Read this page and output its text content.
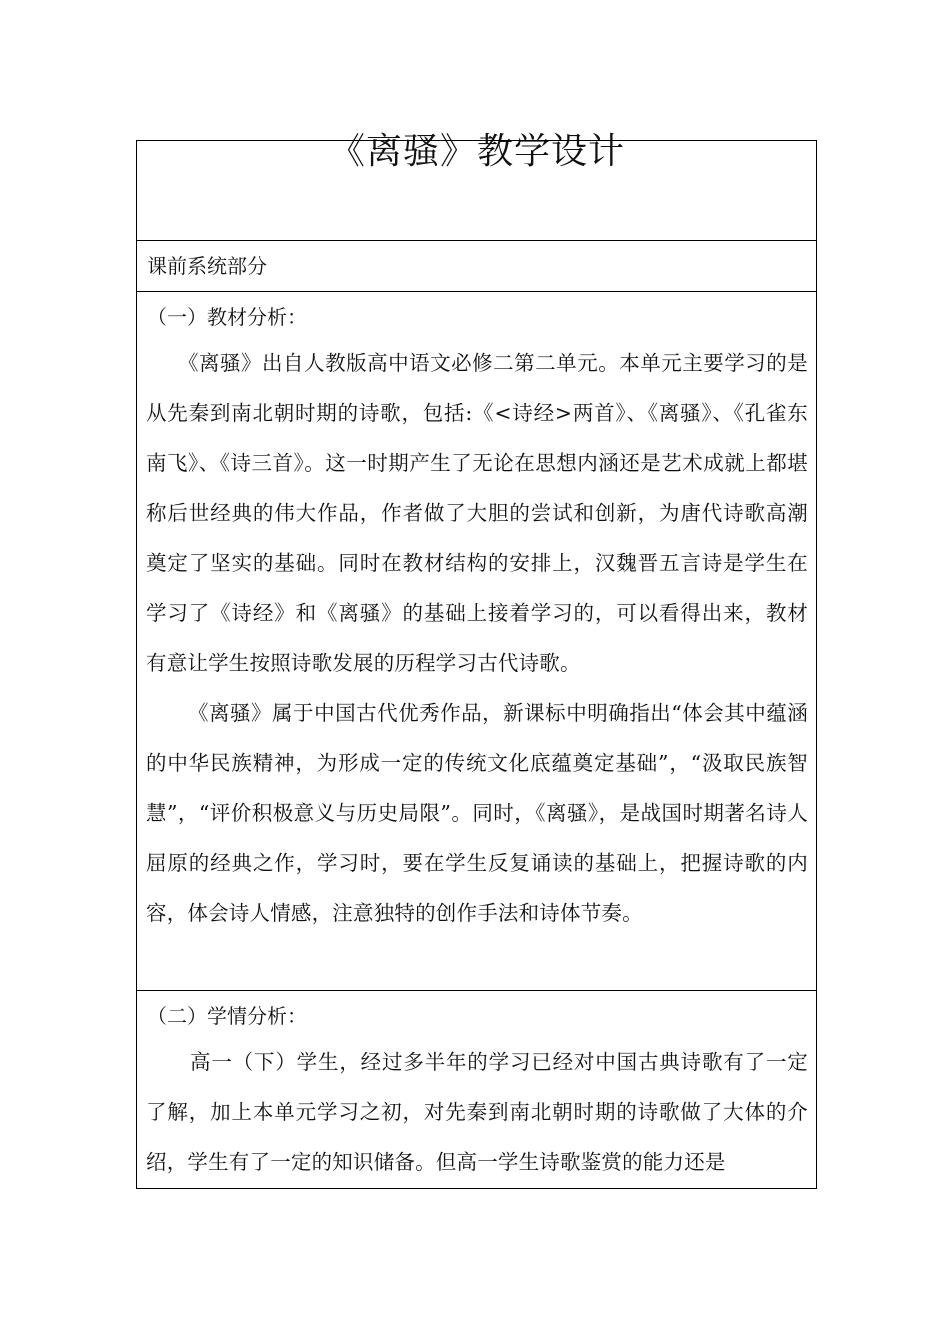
《离骚》教学设计
课前系统部分
（一）教材分析：

《离骚》出自人教版高中语文必修二第二单元。本单元主要学习的是从先秦到南北朝时期的诗歌，包括:《<诗经>两首》、《离骚》、《孔雀东南飞》、《诗三首》。这一时期产生了无论在思想内涵还是艺术成就上都堪称后世经典的伟大作品，作者做了大胆的尝试和创新，为唐代诗歌高潮奠定了坚实的基础。同时在教材结构的安排上，汉魏晋五言诗是学生在学习了《诗经》和《离骚》的基础上接着学习的，可以看得出来，教材有意让学生按照诗歌发展的历程学习古代诗歌。

《离骚》属于中国古代优秀作品，新课标中明确指出“体会其中蕴涵的中华民族精神，为形成一定的传统文化底蕴奠定基础”，“汲取民族智慧”，“评价积极意义与历史局限”。同时，《离骚》，是战国时期著名诗人屈原的经典之作，学习时，要在学生反复诵读的基础上，把握诗歌的内容，体会诗人情感，注意独特的创作手法和诗体节奏。

（二）学情分析：

高一（下）学生，经过多半年的学习已经对中国古典诗歌有了一定了解，加上本单元学习之初，对先秦到南北朝时期的诗歌做了大体的介绍，学生有了一定的知识储备。但高一学生诗歌鉴赏的能力还是
